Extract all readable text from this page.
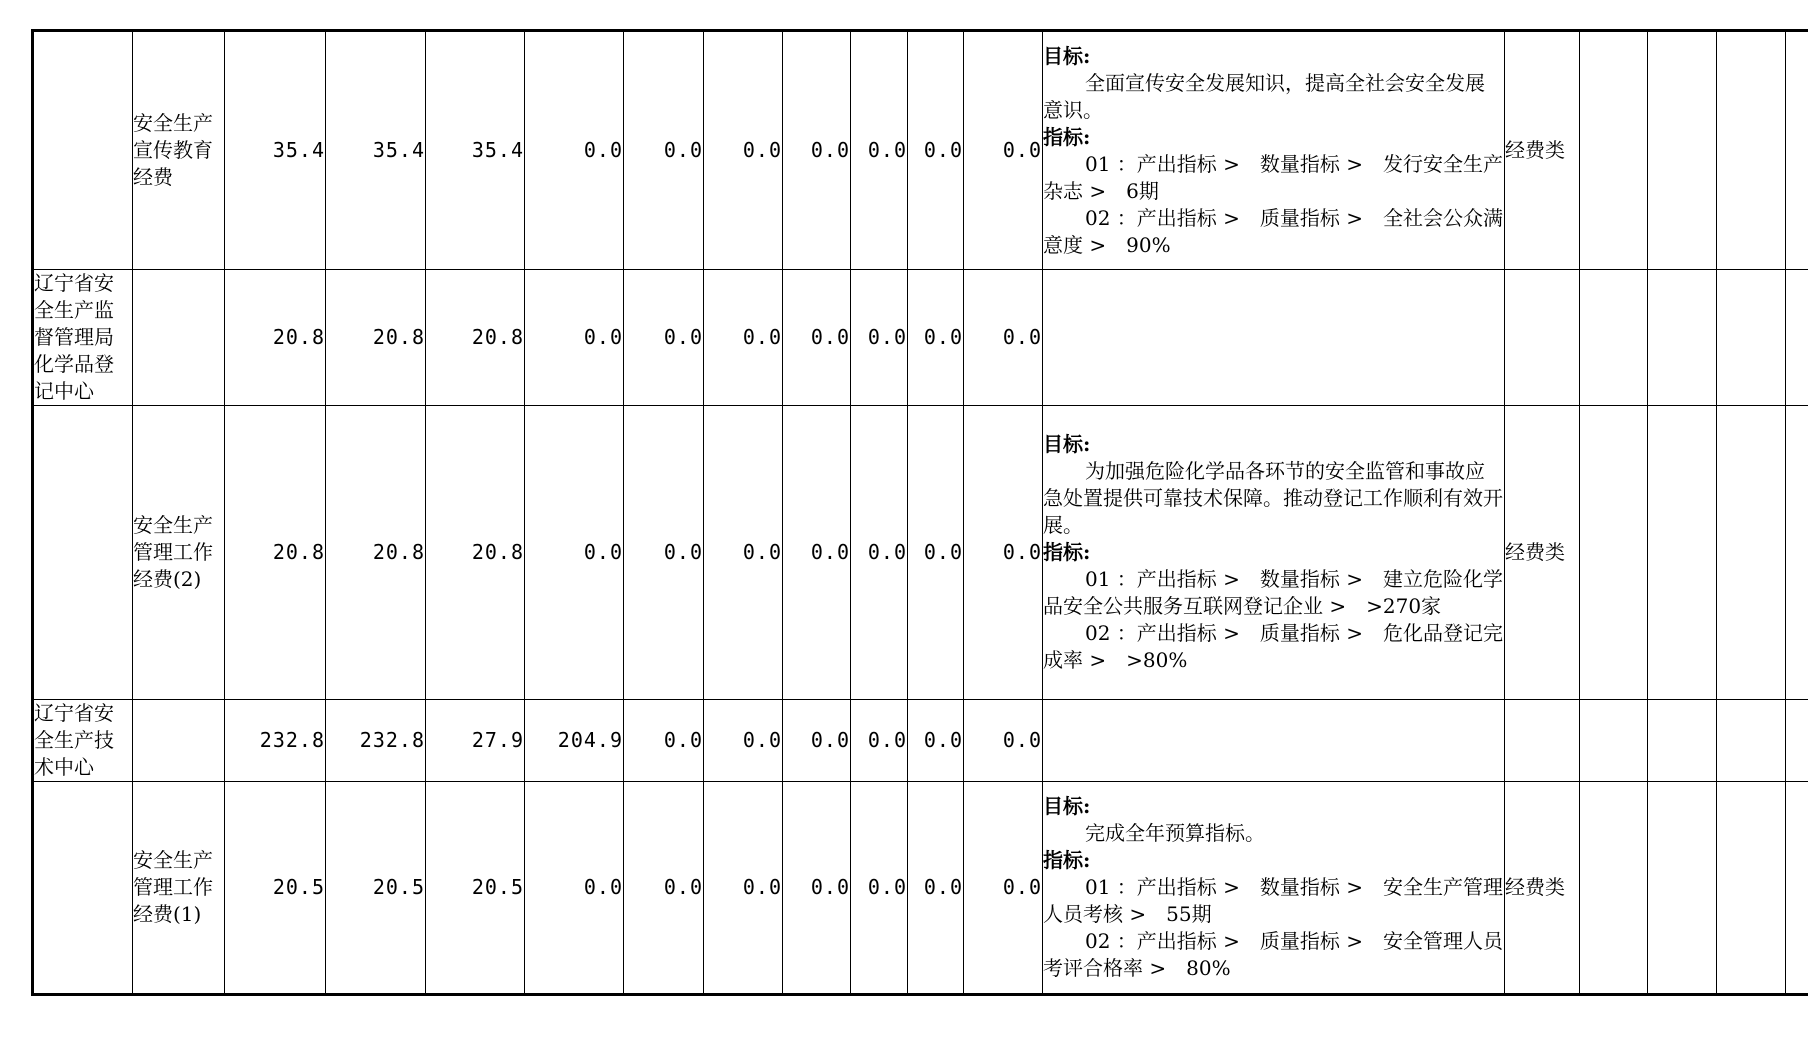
	安全生产宣传教育经费	35.4	35.4	35.4	0.0	0.0	0.0	0.0	0.0	0.0	0.0	目标:
全面宣传安全发展知识，提高全社会安全发展意识。
指标:
01 ：产出指标 >　数量指标 >　发行安全生产杂志 >　6期
02 ：产出指标 >　质量指标 >　全社会公众满意度 >　90%	经费类				
辽宁省安全生产监督管理局化学品登记中心		20.8	20.8	20.8	0.0	0.0	0.0	0.0	0.0	0.0	0.0						
	安全生产管理工作经费(2)	20.8	20.8	20.8	0.0	0.0	0.0	0.0	0.0	0.0	0.0	目标:
为加强危险化学品各环节的安全监管和事故应急处置提供可靠技术保障。推动登记工作顺利有效开展。
指标:
01 ：产出指标 >　数量指标 >　建立危险化学品安全公共服务互联网登记企业 >　>270家
02 ：产出指标 >　质量指标 >　危化品登记完成率 >　>80%	经费类				
辽宁省安全生产技术中心		232.8	232.8	27.9	204.9	0.0	0.0	0.0	0.0	0.0	0.0						
	安全生产管理工作经费(1)	20.5	20.5	20.5	0.0	0.0	0.0	0.0	0.0	0.0	0.0	目标:
完成全年预算指标。
指标:
01 ：产出指标 >　数量指标 >　安全生产管理人员考核 >　55期
02 ：产出指标 >　质量指标 >　安全管理人员考评合格率 >　80%	经费类				
